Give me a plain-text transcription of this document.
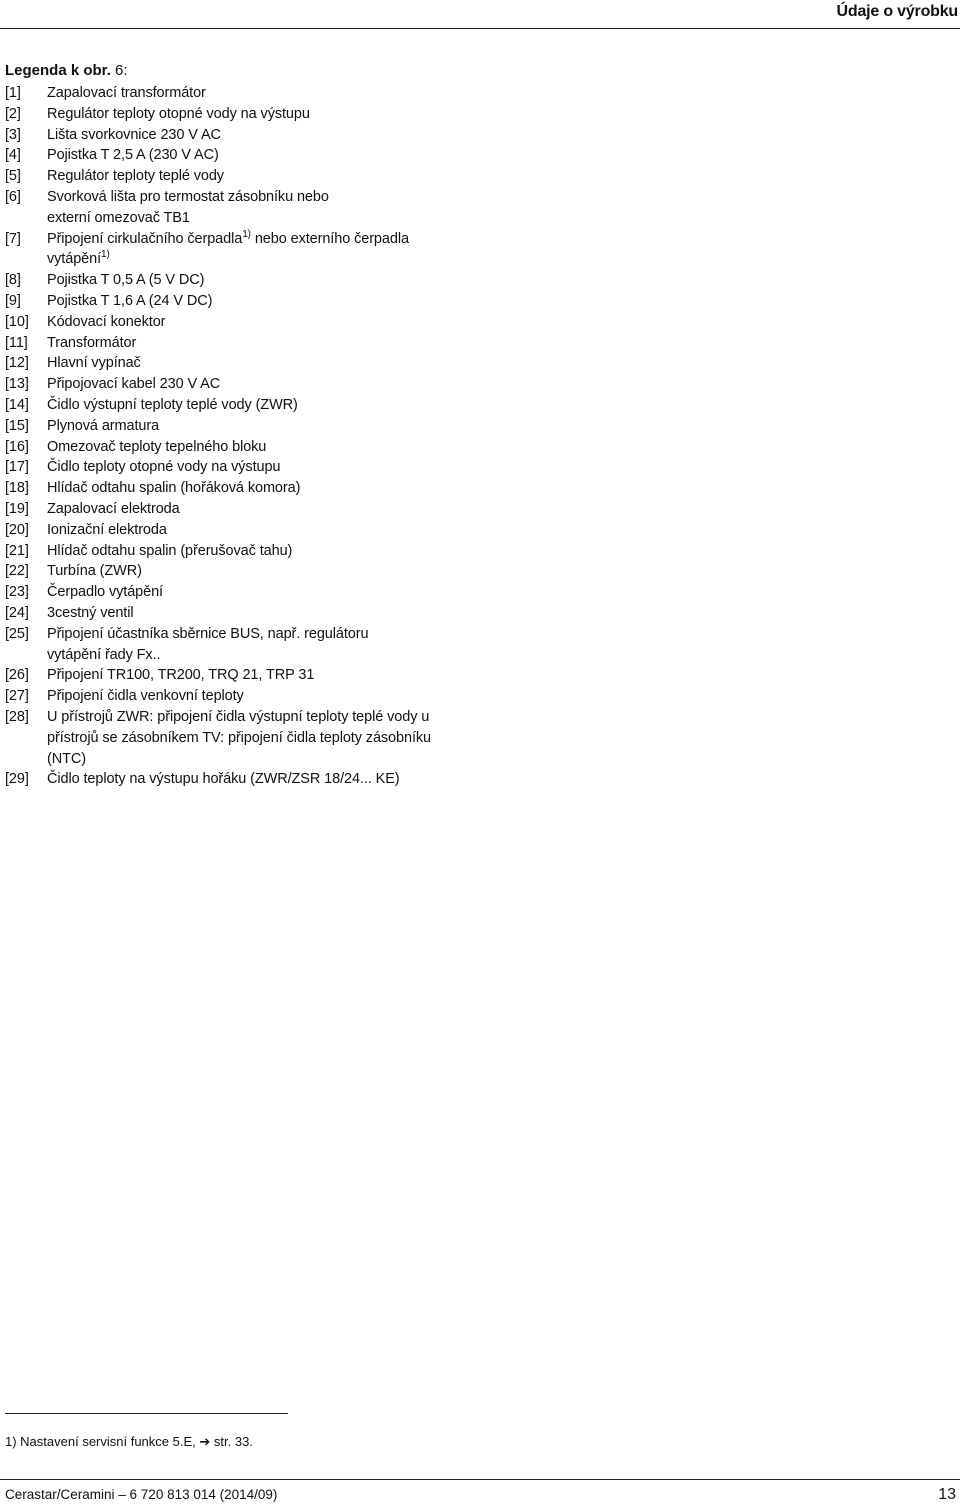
Údaje o výrobku
Legenda k obr. 6:
[1]	Zapalovací transformátor
[2]	Regulátor teploty otopné vody na výstupu
[3]	Lišta svorkovnice 230 V AC
[4]	Pojistka T 2,5 A (230 V AC)
[5]	Regulátor teploty teplé vody
[6]	Svorková lišta pro termostat zásobníku nebo
externí omezovač TB1
[7]	Připojení cirkulačního čerpadla$^{1)}$ nebo externího čerpadla
vytápění$^{1)}$
[8]	Pojistka T 0,5 A (5 V DC)
[9]	Pojistka T 1,6 A (24 V DC)
[10]	Kódovací konektor
[11]	Transformátor
[12]	Hlavní vypínač
[13]	Připojovací kabel 230 V AC
[14]	Čidlo výstupní teploty teplé vody (ZWR)
[15]	Plynová armatura
[16]	Omezovač teploty tepelného bloku
[17]	Čidlo teploty otopné vody na výstupu
[18]	Hlídač odtahu spalin (hořáková komora)
[19]	Zapalovací elektroda
[20]	Ionizační elektroda
[21]	Hlídač odtahu spalin (přerušovač tahu)
[22]	Turbína (ZWR)
[23]	Čerpadlo vytápění
[24]	3cestný ventil
[25]	Připojení účastníka sběrnice BUS, např. regulátoru
vytápění řady Fx..
[26]	Připojení TR100, TR200, TRQ 21, TRP 31
[27]	Připojení čidla venkovní teploty
[28]	U přístrojů ZWR: připojení čidla výstupní teploty teplé vody u
přístrojů se zásobníkem TV: připojení čidla teploty zásobníku
(NTC)
[29]	Čidlo teploty na výstupu hořáku (ZWR/ZSR 18/24... KE)
1) Nastavení servisní funkce 5.E, ➔ str. 33.
Cerastar/Ceramini – 6 720 813 014 (2014/09)	13
